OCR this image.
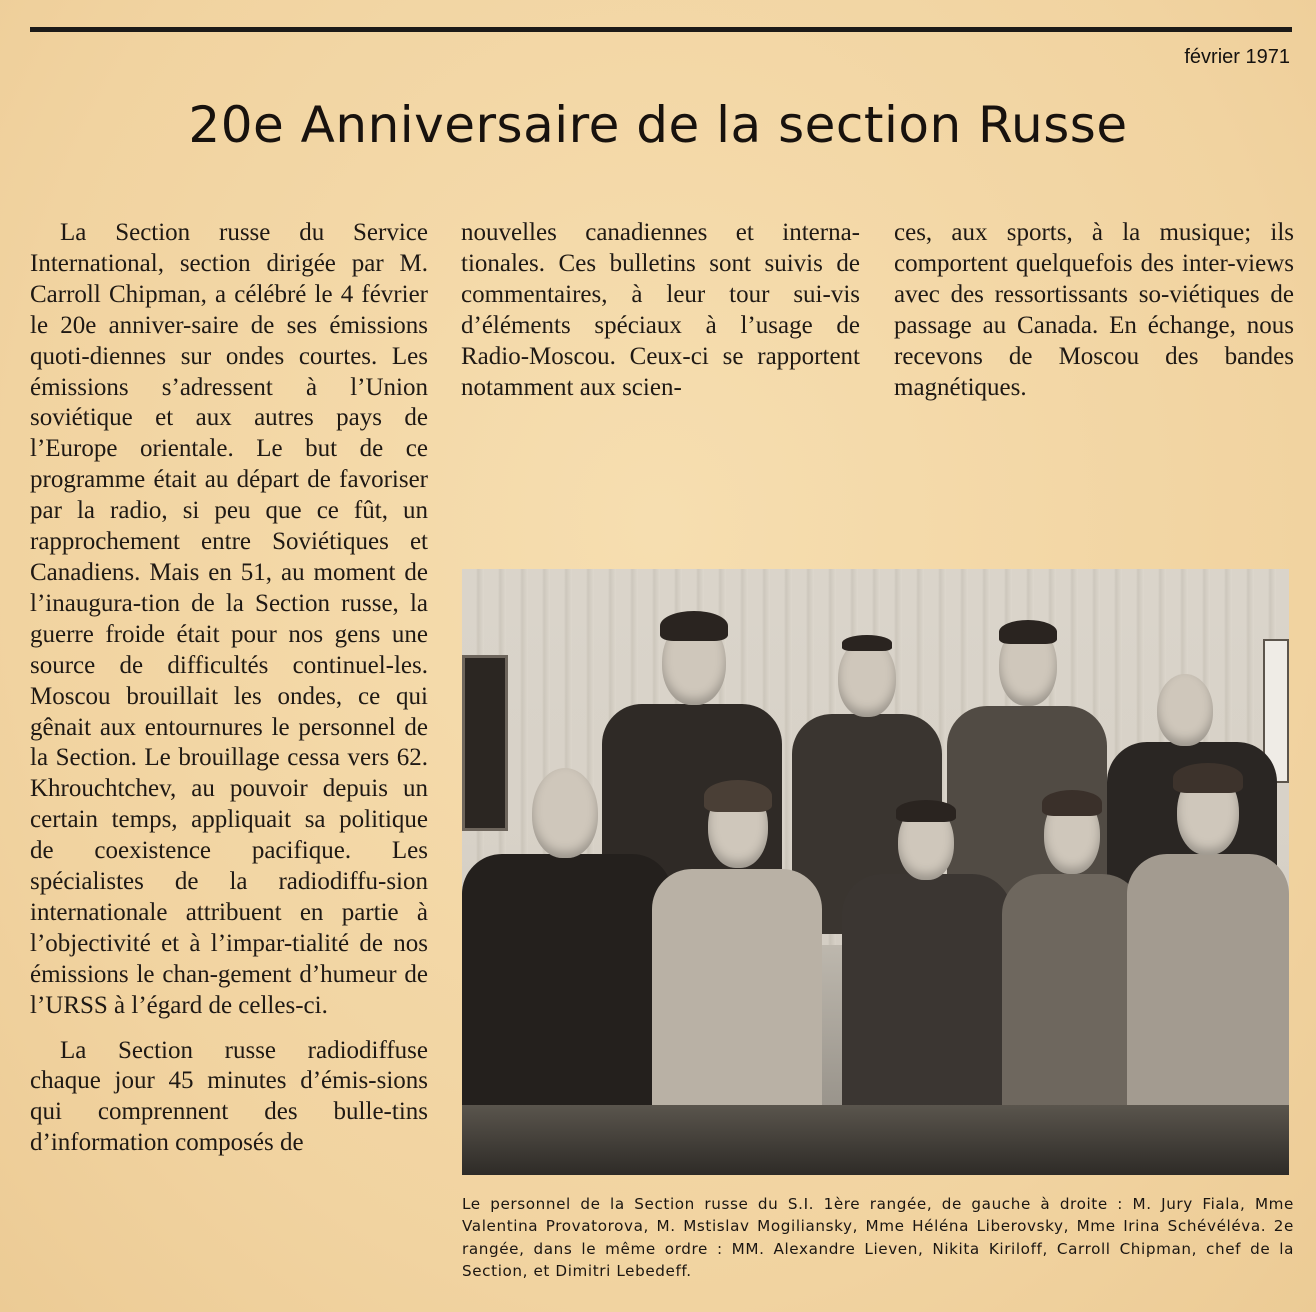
février 1971
20e Anniversaire de la section Russe

La Section russe du Service International, section dirigée par M. Carroll Chipman, a célébré le 4 février le 20e anniver-saire de ses émissions quoti-diennes sur ondes courtes. Les émissions s’adressent à l’Union soviétique et aux autres pays de l’Europe orientale. Le but de ce programme était au départ de favoriser par la radio, si peu que ce fût, un rapprochement entre Soviétiques et Canadiens. Mais en 51, au moment de l’inaugura-tion de la Section russe, la guerre froide était pour nos gens une source de difficultés continuel-les. Moscou brouillait les ondes, ce qui gênait aux entournures le personnel de la Section. Le brouillage cessa vers 62. Khrouchtchev, au pouvoir depuis un certain temps, appliquait sa politique de coexistence pacifique. Les spécialistes de la radiodiffu-sion internationale attribuent en partie à l’objectivité et à l’impar-tialité de nos émissions le chan-gement d’humeur de l’URSS à l’égard de celles-ci.

La Section russe radiodiffuse chaque jour 45 minutes d’émis-sions qui comprennent des bulle-tins d’information composés de

nouvelles canadiennes et interna-tionales. Ces bulletins sont suivis de commentaires, à leur tour sui-vis d’éléments spéciaux à l’usage de Radio-Moscou. Ceux-ci se rapportent notamment aux scien-

ces, aux sports, à la musique; ils comportent quelquefois des inter-views avec des ressortissants so-viétiques de passage au Canada. En échange, nous recevons de Moscou des bandes magnétiques.

Le personnel de la Section russe du S.I. 1ère rangée, de gauche à droite : M. Jury Fiala, Mme Valentina Provatorova, M. Mstislav Mogiliansky, Mme Héléna Liberovsky, Mme Irina Schévéléva. 2e rangée, dans le même ordre : MM. Alexandre Lieven, Nikita Kiriloff, Carroll Chipman, chef de la Section, et Dimitri Lebedeff.
